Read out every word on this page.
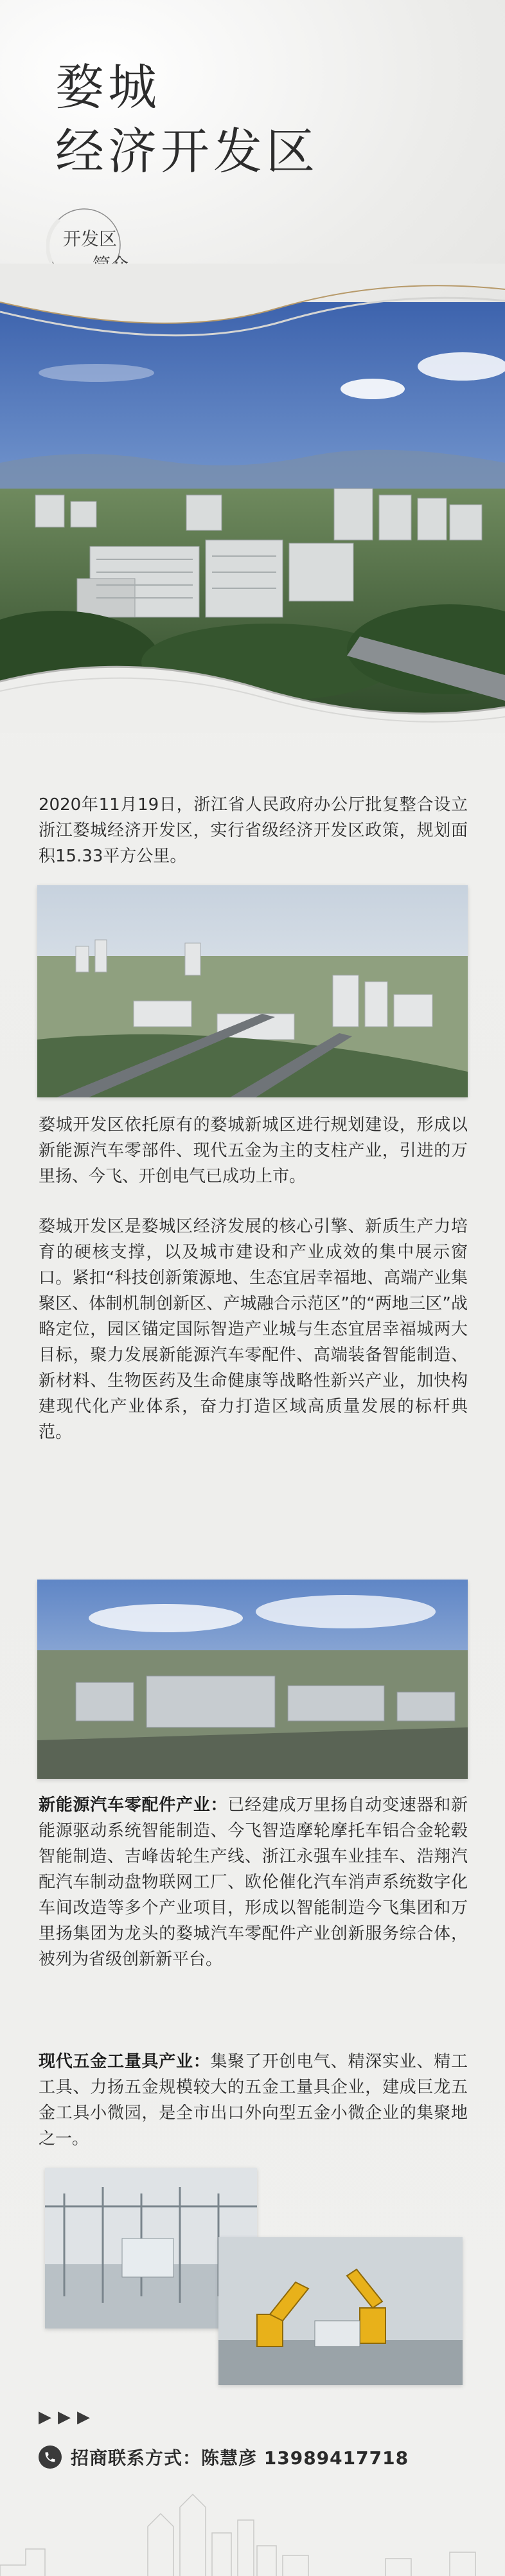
婺城
经济开发区
开发区
2020年11月19日，浙江省人民政府办公厅批复整合设立浙江婺城经济开发区，实行省级经济开发区政策，规划面积15.33平方公里。
婺城开发区依托原有的婺城新城区进行规划建设，形成以新能源汽车零部件、现代五金为主的支柱产业，引进的万里扬、今飞、开创电气已成功上市。
婺城开发区是婺城区经济发展的核心引擎、新质生产力培育的硬核支撑，以及城市建设和产业成效的集中展示窗口。紧扣“科技创新策源地、生态宜居幸福地、高端产业集聚区、体制机制创新区、产城融合示范区”的“两地三区”战略定位，园区锚定国际智造产业城与生态宜居幸福城两大目标，聚力发展新能源汽车零配件、高端装备智能制造、新材料、生物医药及生命健康等战略性新兴产业，加快构建现代化产业体系，奋力打造区域高质量发展的标杆典范。
新能源汽车零配件产业：已经建成万里扬自动变速器和新能源驱动系统智能制造、今飞智造摩轮摩托车铝合金轮毂智能制造、吉峰齿轮生产线、浙江永强车业挂车、浩翔汽配汽车制动盘物联网工厂、欧伦催化汽车消声系统数字化车间改造等多个产业项目，形成以智能制造今飞集团和万里扬集团为龙头的婺城汽车零配件产业创新服务综合体，被列为省级创新新平台。
现代五金工量具产业：集聚了开创电气、精深实业、精工工具、力扬五金规模较大的五金工量具企业，建成巨龙五金工具小微园，是全市出口外向型五金小微企业的集聚地之一。
▶▶▶
招商联系方式：陈慧彦 13989417718
